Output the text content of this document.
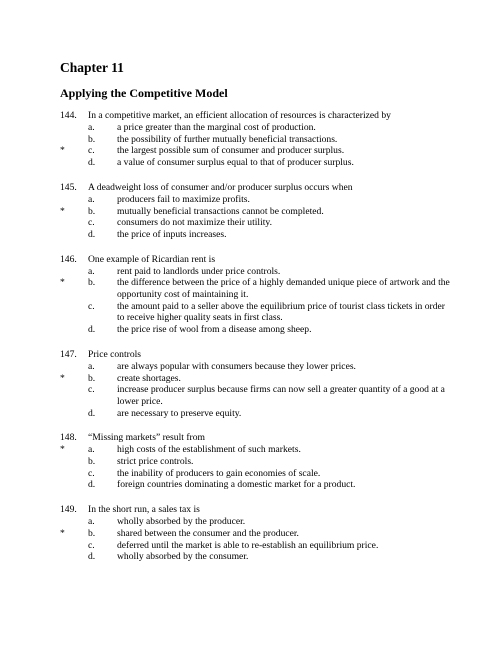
Chapter 11
Applying the Competitive Model
144. In a competitive market, an efficient allocation of resources is characterized by
a. a price greater than the marginal cost of production.
b. the possibility of further mutually beneficial transactions.
* c. the largest possible sum of consumer and producer surplus.
d. a value of consumer surplus equal to that of producer surplus.
145. A deadweight loss of consumer and/or producer surplus occurs when
a. producers fail to maximize profits.
* b. mutually beneficial transactions cannot be completed.
c. consumers do not maximize their utility.
d. the price of inputs increases.
146. One example of Ricardian rent is
a. rent paid to landlords under price controls.
* b. the difference between the price of a highly demanded unique piece of artwork and the opportunity cost of maintaining it.
c. the amount paid to a seller above the equilibrium price of tourist class tickets in order to receive higher quality seats in first class.
d. the price rise of wool from a disease among sheep.
147. Price controls
a. are always popular with consumers because they lower prices.
* b. create shortages.
c. increase producer surplus because firms can now sell a greater quantity of a good at a lower price.
d. are necessary to preserve equity.
148. “Missing markets” result from
* a. high costs of the establishment of such markets.
b. strict price controls.
c. the inability of producers to gain economies of scale.
d. foreign countries dominating a domestic market for a product.
149. In the short run, a sales tax is
a. wholly absorbed by the producer.
* b. shared between the consumer and the producer.
c. deferred until the market is able to re-establish an equilibrium price.
d. wholly absorbed by the consumer.
